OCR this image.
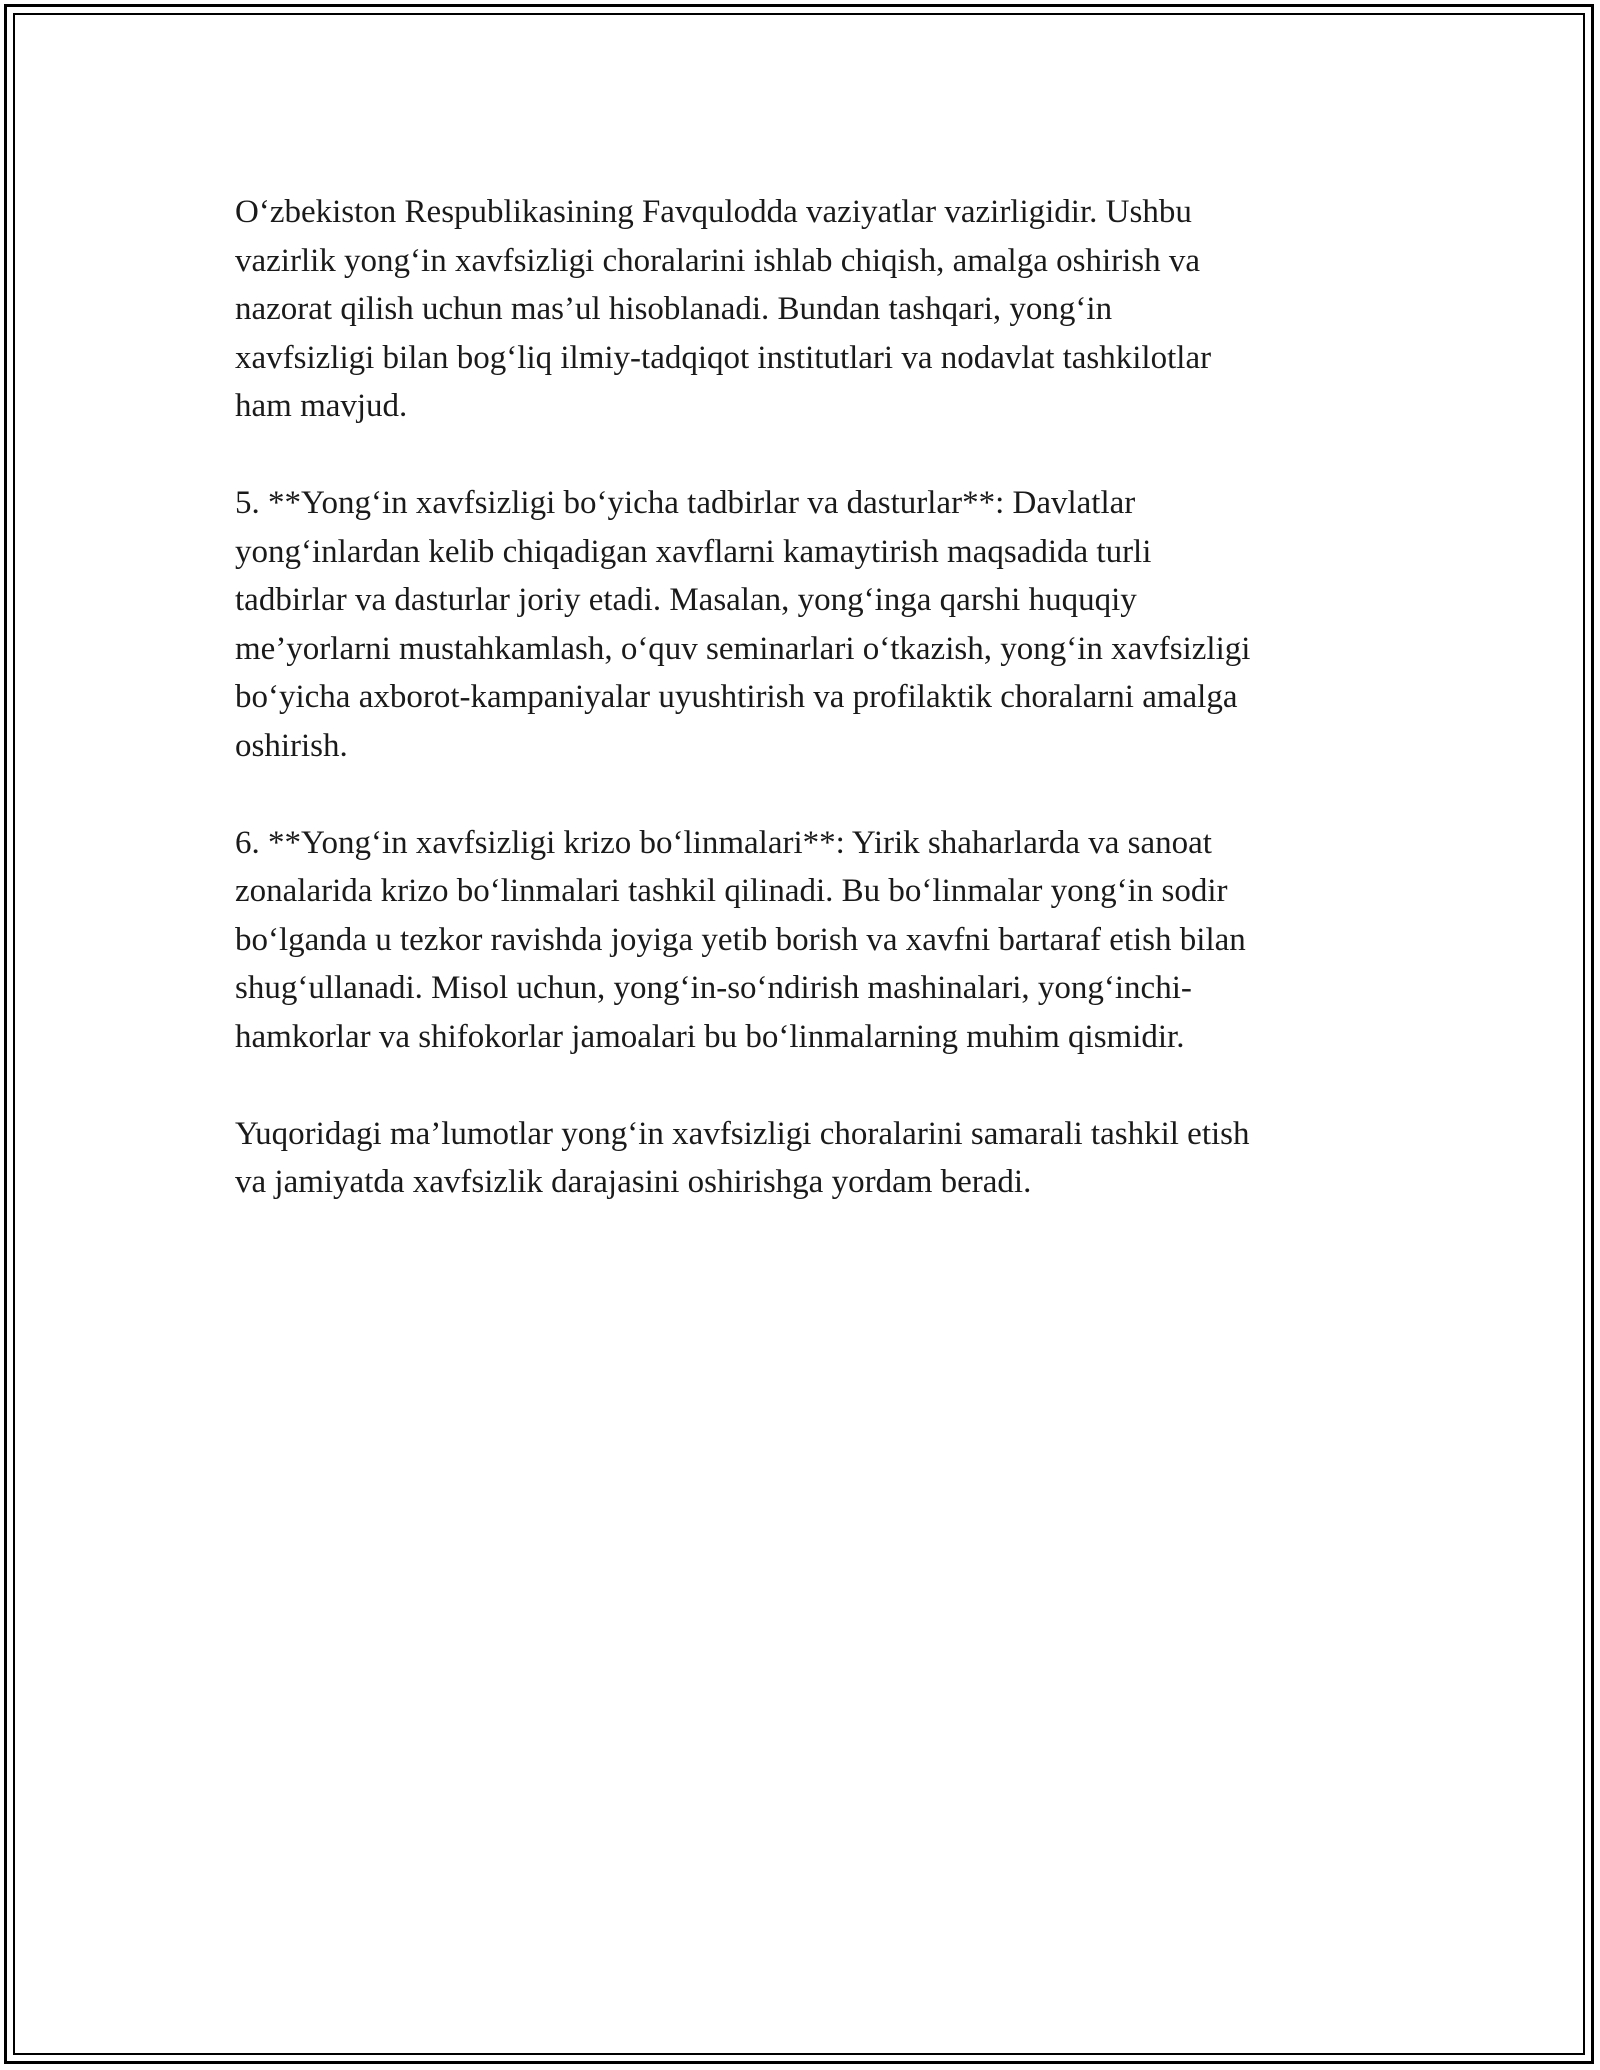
O‘zbekiston Respublikasining Favqulodda vaziyatlar vazirligidir. Ushbu
vazirlik yong‘in xavfsizligi choralarini ishlab chiqish, amalga oshirish va
nazorat qilish uchun mas’ul hisoblanadi. Bundan tashqari, yong‘in
xavfsizligi bilan bog‘liq ilmiy-tadqiqot institutlari va nodavlat tashkilotlar
ham mavjud.

5. **Yong‘in xavfsizligi bo‘yicha tadbirlar va dasturlar**: Davlatlar
yong‘inlardan kelib chiqadigan xavflarni kamaytirish maqsadida turli
tadbirlar va dasturlar joriy etadi. Masalan, yong‘inga qarshi huquqiy
me’yorlarni mustahkamlash, o‘quv seminarlari o‘tkazish, yong‘in xavfsizligi
bo‘yicha axborot-kampaniyalar uyushtirish va profilaktik choralarni amalga
oshirish.

6. **Yong‘in xavfsizligi krizo bo‘linmalari**: Yirik shaharlarda va sanoat
zonalarida krizo bo‘linmalari tashkil qilinadi. Bu bo‘linmalar yong‘in sodir
bo‘lganda u tezkor ravishda joyiga yetib borish va xavfni bartaraf etish bilan
shug‘ullanadi. Misol uchun, yong‘in-so‘ndirish mashinalari, yong‘inchi-
hamkorlar va shifokorlar jamoalari bu bo‘linmalarning muhim qismidir.

Yuqoridagi ma’lumotlar yong‘in xavfsizligi choralarini samarali tashkil etish
va jamiyatda xavfsizlik darajasini oshirishga yordam beradi.
